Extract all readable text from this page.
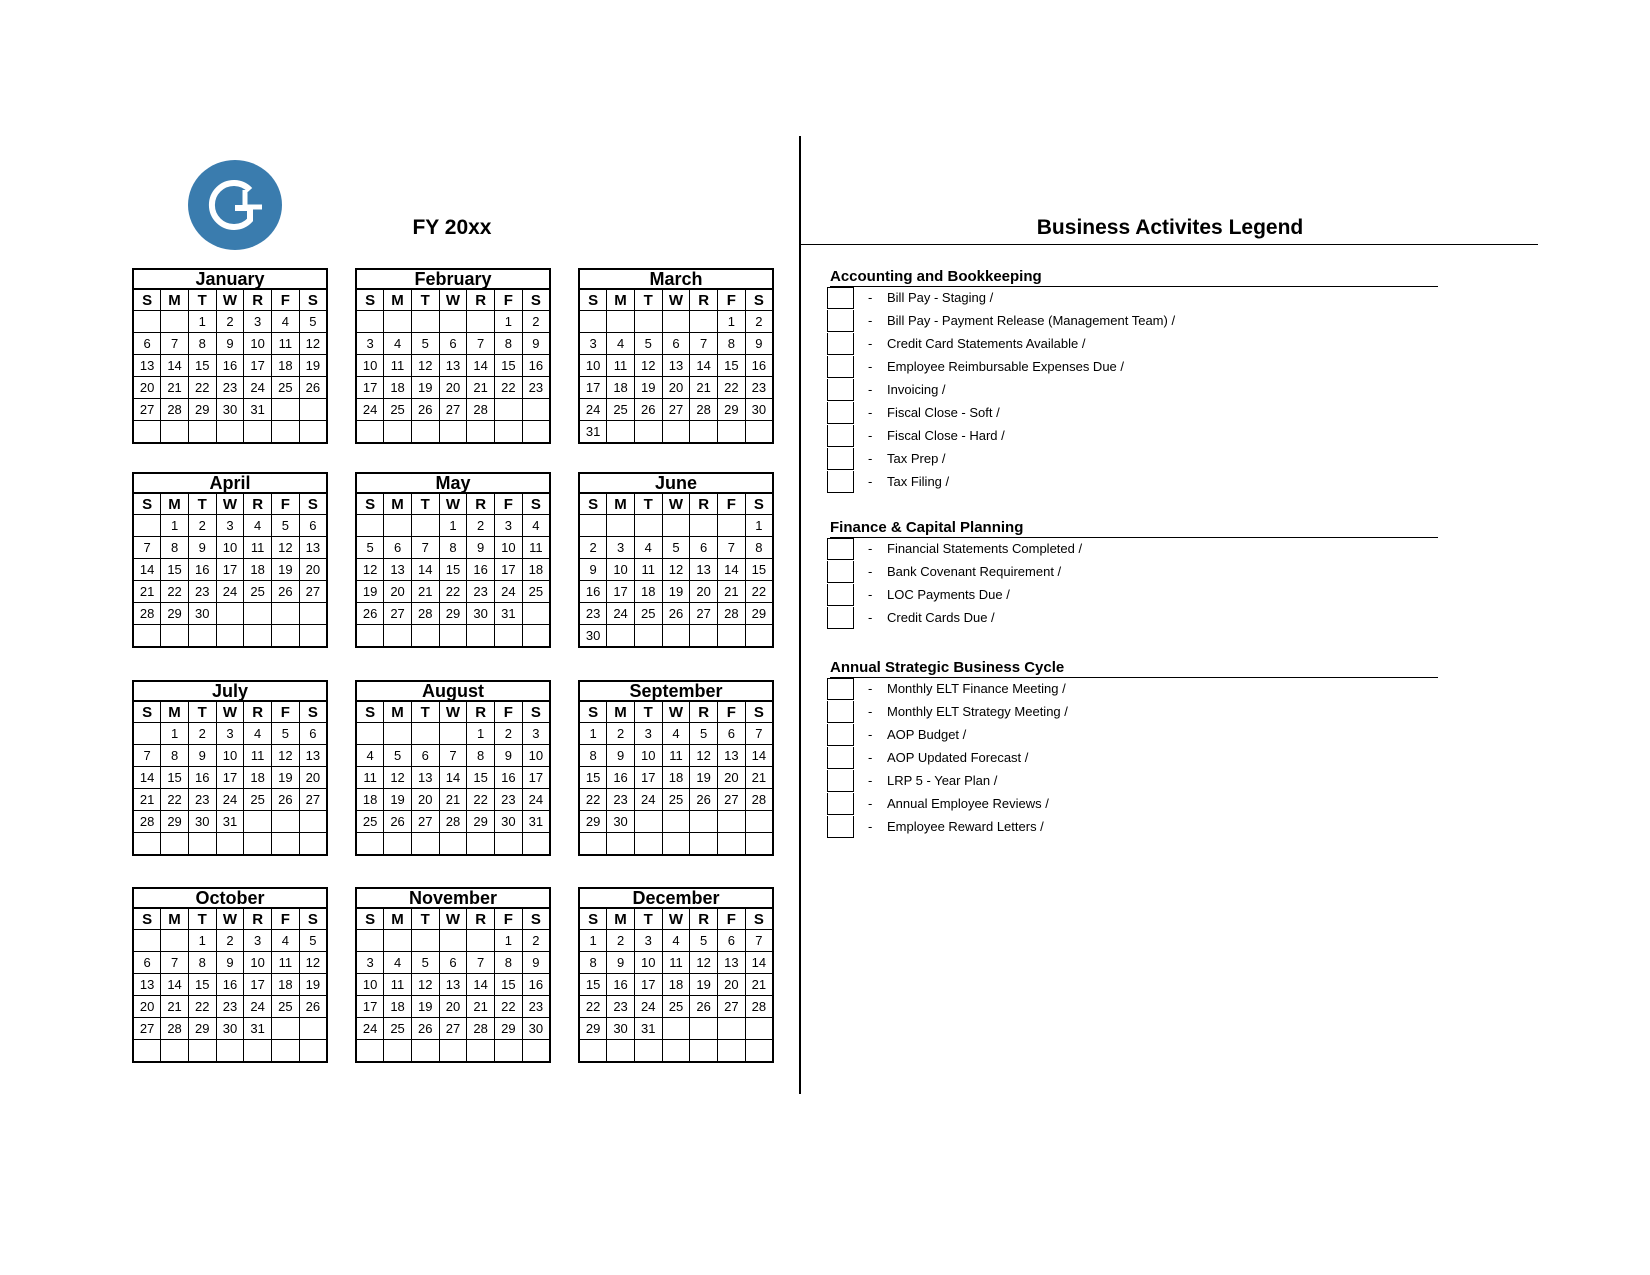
FY 20xx	Business Activites Legend
January
S	M	T	W	R	F	S
		1	2	3	4	5
6	7	8	9	10	11	12
13	14	15	16	17	18	19
20	21	22	23	24	25	26
27	28	29	30	31		

February
S	M	T	W	R	F	S
					1	2
3	4	5	6	7	8	9
10	11	12	13	14	15	16
17	18	19	20	21	22	23
24	25	26	27	28		

March
S	M	T	W	R	F	S
					1	2
3	4	5	6	7	8	9
10	11	12	13	14	15	16
17	18	19	20	21	22	23
24	25	26	27	28	29	30
31						
April
S	M	T	W	R	F	S
	1	2	3	4	5	6
7	8	9	10	11	12	13
14	15	16	17	18	19	20
21	22	23	24	25	26	27
28	29	30				

May
S	M	T	W	R	F	S
			1	2	3	4
5	6	7	8	9	10	11
12	13	14	15	16	17	18
19	20	21	22	23	24	25
26	27	28	29	30	31	

June
S	M	T	W	R	F	S
						1
2	3	4	5	6	7	8
9	10	11	12	13	14	15
16	17	18	19	20	21	22
23	24	25	26	27	28	29
30						
July
S	M	T	W	R	F	S
	1	2	3	4	5	6
7	8	9	10	11	12	13
14	15	16	17	18	19	20
21	22	23	24	25	26	27
28	29	30	31			

August
S	M	T	W	R	F	S
				1	2	3
4	5	6	7	8	9	10
11	12	13	14	15	16	17
18	19	20	21	22	23	24
25	26	27	28	29	30	31

September
S	M	T	W	R	F	S
1	2	3	4	5	6	7
8	9	10	11	12	13	14
15	16	17	18	19	20	21
22	23	24	25	26	27	28
29	30					

October
S	M	T	W	R	F	S
		1	2	3	4	5
6	7	8	9	10	11	12
13	14	15	16	17	18	19
20	21	22	23	24	25	26
27	28	29	30	31		

November
S	M	T	W	R	F	S
					1	2
3	4	5	6	7	8	9
10	11	12	13	14	15	16
17	18	19	20	21	22	23
24	25	26	27	28	29	30

December
S	M	T	W	R	F	S
1	2	3	4	5	6	7
8	9	10	11	12	13	14
15	16	17	18	19	20	21
22	23	24	25	26	27	28
29	30	31				

Accounting and Bookkeeping
- Bill Pay - Staging /
- Bill Pay - Payment Release (Management Team) /
- Credit Card Statements Available /
- Employee Reimbursable Expenses Due /
- Invoicing /
- Fiscal Close - Soft /
- Fiscal Close - Hard /
- Tax Prep /
- Tax Filing /
Finance & Capital Planning
- Financial Statements Completed /
- Bank Covenant Requirement /
- LOC Payments Due /
- Credit Cards Due /
Annual Strategic Business Cycle
- Monthly ELT Finance Meeting /
- Monthly ELT Strategy Meeting /
- AOP Budget /
- AOP Updated Forecast /
- LRP 5 - Year Plan /
- Annual Employee Reviews /
- Employee Reward Letters /
